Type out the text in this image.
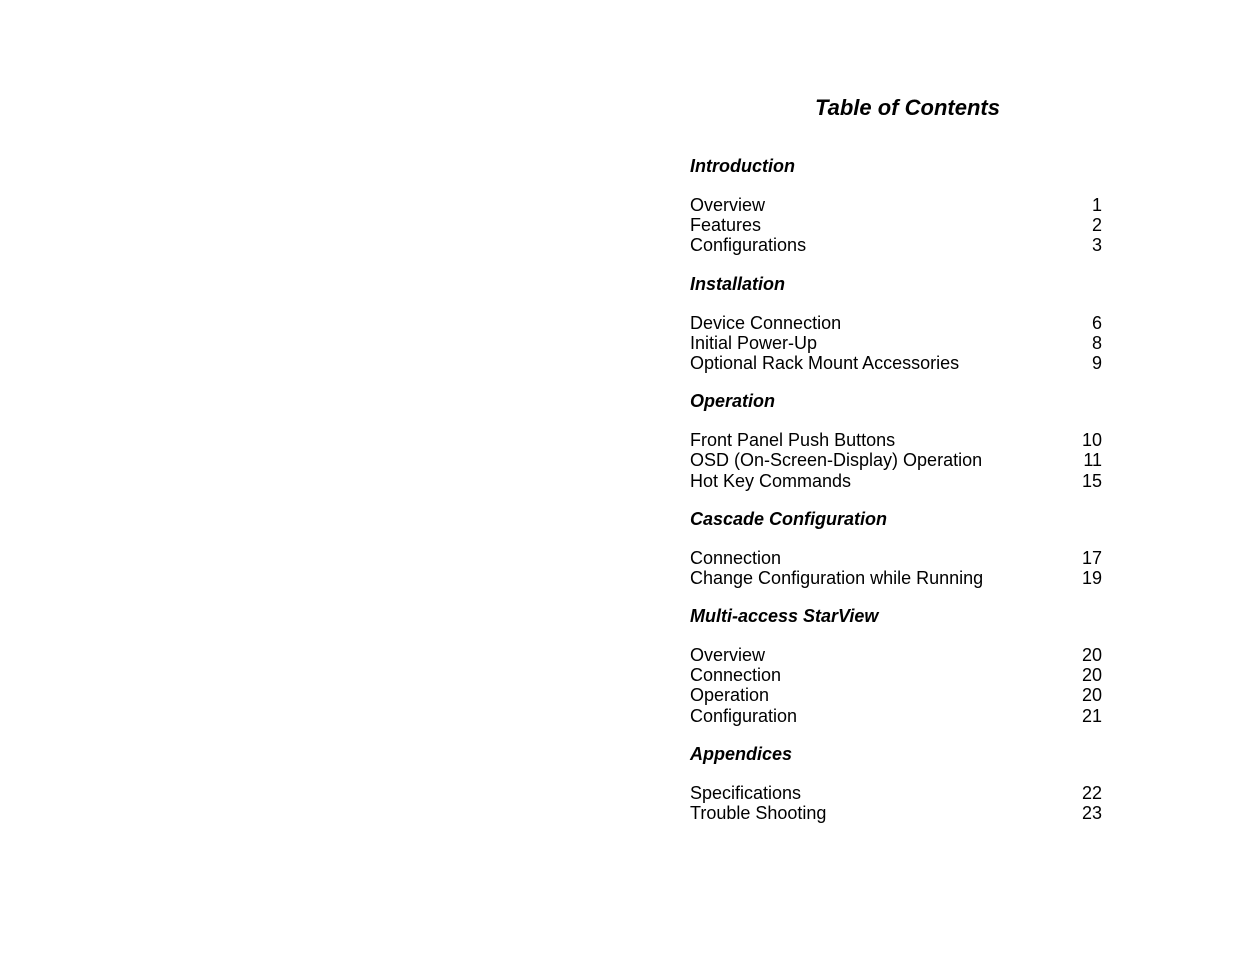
Table of Contents
Introduction
Overview	1
Features	2
Configurations	3
Installation
Device Connection	6
Initial Power-Up	8
Optional Rack Mount Accessories	9
Operation
Front Panel Push Buttons	10
OSD (On-Screen-Display) Operation	11
Hot Key Commands	15
Cascade Configuration
Connection	17
Change Configuration while Running	19
Multi-access StarView
Overview	20
Connection	20
Operation	20
Configuration	21
Appendices
Specifications	22
Trouble Shooting	23
